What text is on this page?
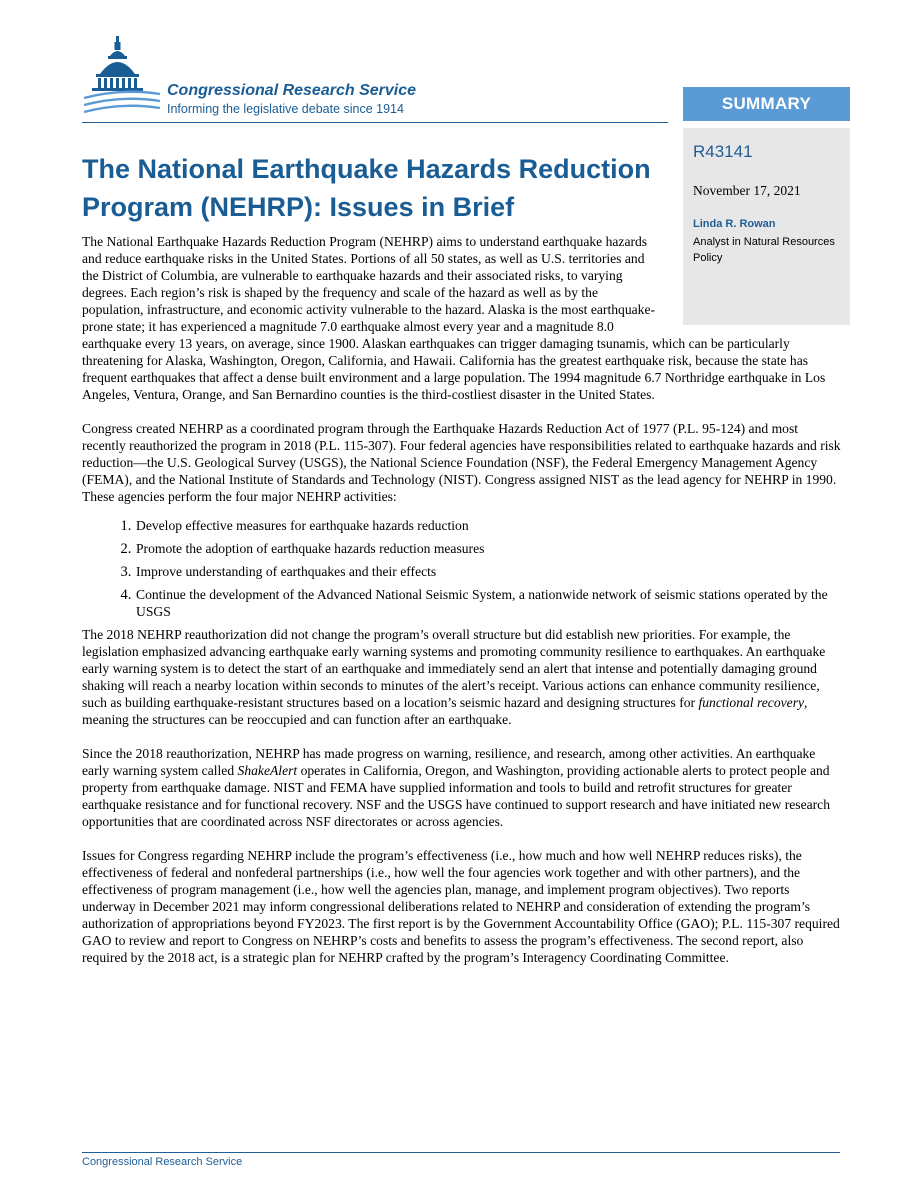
Congressional Research Service
Informing the legislative debate since 1914	SUMMARY
R43141
November 17, 2021
Linda R. Rowan
Analyst in Natural Resources Policy
The National Earthquake Hazards Reduction Program (NEHRP): Issues in Brief

The National Earthquake Hazards Reduction Program (NEHRP) aims to understand earthquake hazards and reduce earthquake risks in the United States. Portions of all 50 states, as well as U.S. territories and the District of Columbia, are vulnerable to earthquake hazards and their associated risks, to varying degrees. Each region’s risk is shaped by the frequency and scale of the hazard as well as by the population, infrastructure, and economic activity vulnerable to the hazard. Alaska is the most earthquake-prone state; it has experienced a magnitude 7.0 earthquake almost every year and a magnitude 8.0 earthquake every 13 years, on average, since 1900. Alaskan earthquakes can trigger damaging tsunamis, which can be particularly threatening for Alaska, Washington, Oregon, California, and Hawaii. California has the greatest earthquake risk, because the state has frequent earthquakes that affect a dense built environment and a large population. The 1994 magnitude 6.7 Northridge earthquake in Los Angeles, Ventura, Orange, and San Bernardino counties is the third-costliest disaster in the United States.

Congress created NEHRP as a coordinated program through the Earthquake Hazards Reduction Act of 1977 (P.L. 95-124) and most recently reauthorized the program in 2018 (P.L. 115-307). Four federal agencies have responsibilities related to earthquake hazards and risk reduction—the U.S. Geological Survey (USGS), the National Science Foundation (NSF), the Federal Emergency Management Agency (FEMA), and the National Institute of Standards and Technology (NIST). Congress assigned NIST as the lead agency for NEHRP in 1990. These agencies perform the four major NEHRP activities:

1. Develop effective measures for earthquake hazards reduction
2. Promote the adoption of earthquake hazards reduction measures
3. Improve understanding of earthquakes and their effects
4. Continue the development of the Advanced National Seismic System, a nationwide network of seismic stations operated by the USGS

The 2018 NEHRP reauthorization did not change the program’s overall structure but did establish new priorities. For example, the legislation emphasized advancing earthquake early warning systems and promoting community resilience to earthquakes. An earthquake early warning system is to detect the start of an earthquake and immediately send an alert that intense and potentially damaging ground shaking will reach a nearby location within seconds to minutes of the alert’s receipt. Various actions can enhance community resilience, such as building earthquake-resistant structures based on a location’s seismic hazard and designing structures for functional recovery, meaning the structures can be reoccupied and can function after an earthquake.

Since the 2018 reauthorization, NEHRP has made progress on warning, resilience, and research, among other activities. An earthquake early warning system called ShakeAlert operates in California, Oregon, and Washington, providing actionable alerts to protect people and property from earthquake damage. NIST and FEMA have supplied information and tools to build and retrofit structures for greater earthquake resistance and for functional recovery. NSF and the USGS have continued to support research and have initiated new research opportunities that are coordinated across NSF directorates or across agencies.

Issues for Congress regarding NEHRP include the program’s effectiveness (i.e., how much and how well NEHRP reduces risks), the effectiveness of federal and nonfederal partnerships (i.e., how well the four agencies work together and with other partners), and the effectiveness of program management (i.e., how well the agencies plan, manage, and implement program objectives). Two reports underway in December 2021 may inform congressional deliberations related to NEHRP and consideration of extending the program’s authorization of appropriations beyond FY2023. The first report is by the Government Accountability Office (GAO); P.L. 115-307 required GAO to review and report to Congress on NEHRP’s costs and benefits to assess the program’s effectiveness. The second report, also required by the 2018 act, is a strategic plan for NEHRP crafted by the program’s Interagency Coordinating Committee.

Congressional Research Service
